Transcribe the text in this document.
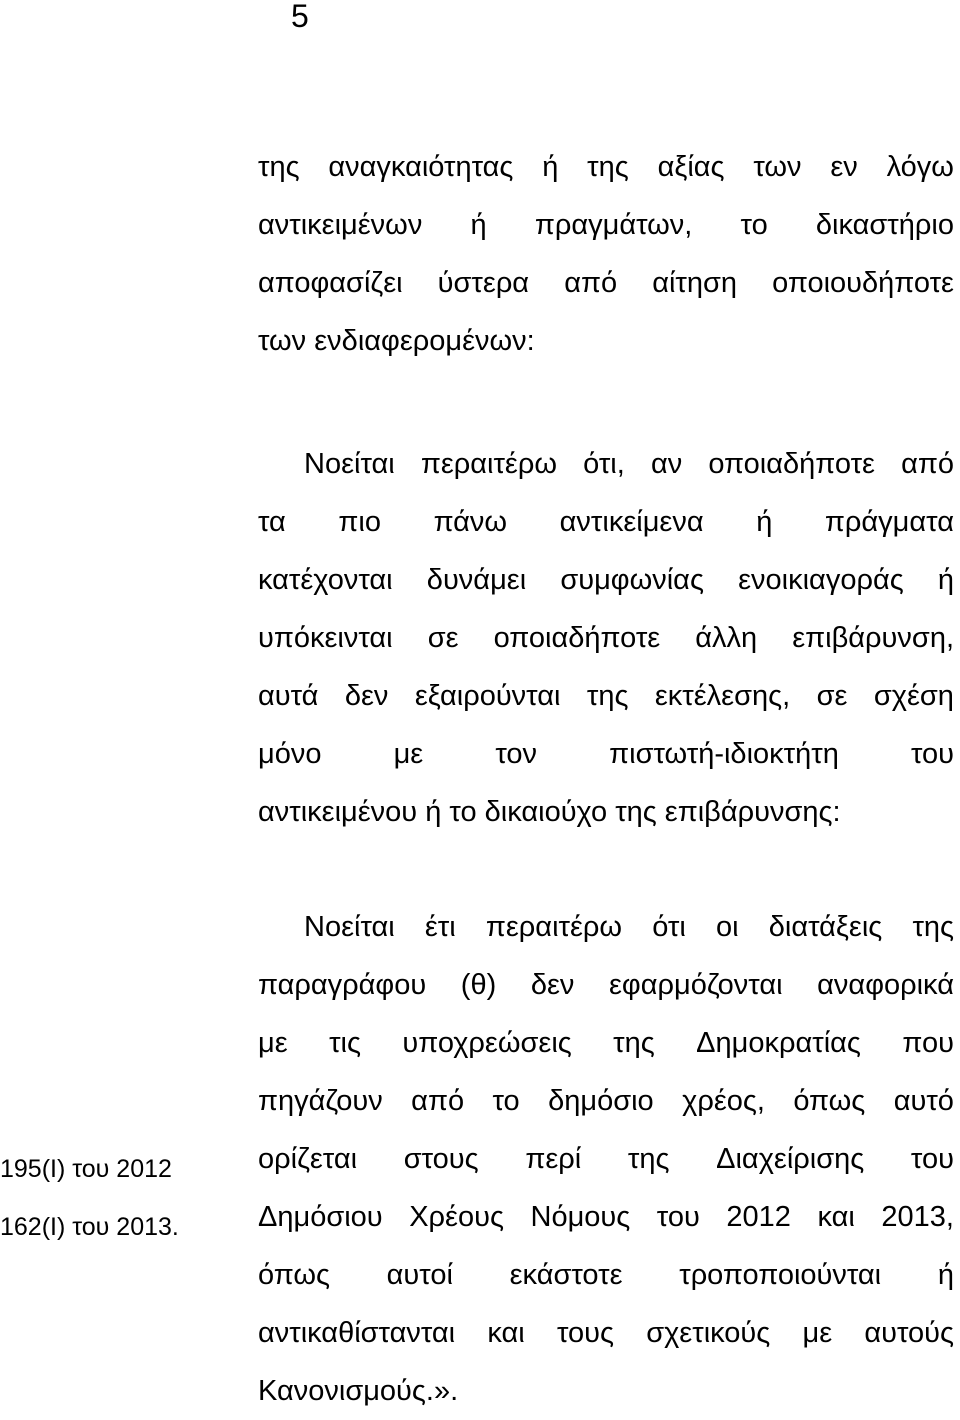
5
της αναγκαιότητας ή της αξίας των εν λόγω
αντικειμένων ή πραγμάτων, το δικαστήριο
αποφασίζει ύστερα από αίτηση οποιουδήποτε
των ενδιαφερομένων:
Νοείται περαιτέρω ότι, αν οποιαδήποτε από
τα πιο πάνω αντικείμενα ή πράγματα
κατέχονται δυνάμει συμφωνίας ενοικιαγοράς ή
υπόκεινται σε οποιαδήποτε άλλη επιβάρυνση,
αυτά δεν εξαιρούνται της εκτέλεσης, σε σχέση
μόνο με τον πιστωτή-ιδιοκτήτη του
αντικειμένου ή το δικαιούχο της επιβάρυνσης:
Νοείται έτι περαιτέρω ότι οι διατάξεις της
παραγράφου (θ) δεν εφαρμόζονται αναφορικά
με τις υποχρεώσεις της Δημοκρατίας που
πηγάζουν από το δημόσιο χρέος, όπως αυτό
ορίζεται στους περί της Διαχείρισης του
Δημόσιου Χρέους Νόμους του 2012 και 2013,
όπως αυτοί εκάστοτε τροποποιούνται ή
αντικαθίστανται και τους σχετικούς με αυτούς
Κανονισμούς.».
195(Ι) του 2012
162(Ι) του 2013.
